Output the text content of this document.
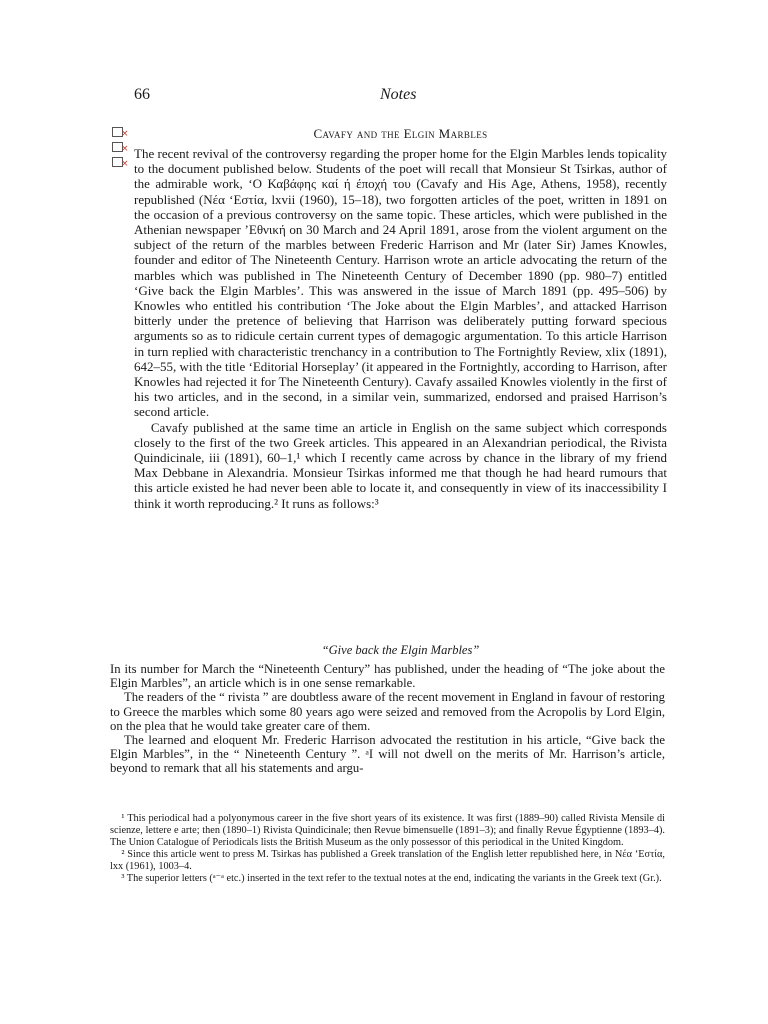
66	Notes
×
×
×
Cavafy and the Elgin Marbles

The recent revival of the controversy regarding the proper home for the Elgin Marbles lends topicality to the document published below. Students of the poet will recall that Monsieur St Tsirkas, author of the admirable work, ‘Ο Καβάφης καί ή έποχή του (Cavafy and His Age, Athens, 1958), recently republished (Νέα ‘Εστία, lxvii (1960), 15–18), two forgotten articles of the poet, written in 1891 on the occasion of a previous controversy on the same topic. These articles, which were published in the Athenian newspaper ’Εθνική on 30 March and 24 April 1891, arose from the violent argument on the subject of the return of the marbles between Frederic Harrison and Mr (later Sir) James Knowles, founder and editor of The Nineteenth Century. Harrison wrote an article advocating the return of the marbles which was published in The Nineteenth Century of December 1890 (pp. 980–7) entitled ‘Give back the Elgin Marbles’. This was answered in the issue of March 1891 (pp. 495–506) by Knowles who entitled his contribution ‘The Joke about the Elgin Marbles’, and attacked Harrison bitterly under the pretence of believing that Harrison was deliberately putting forward specious arguments so as to ridicule certain current types of demagogic argumentation. To this article Harrison in turn replied with characteristic trenchancy in a contribution to The Fortnightly Review, xlix (1891), 642–55, with the title ‘Editorial Horseplay’ (it appeared in the Fortnightly, according to Harrison, after Knowles had rejected it for The Nineteenth Century). Cavafy assailed Knowles violently in the first of his two articles, and in the second, in a similar vein, summarized, endorsed and praised Harrison’s second article.

Cavafy published at the same time an article in English on the same subject which corresponds closely to the first of the two Greek articles. This appeared in an Alexandrian periodical, the Rivista Quindicinale, iii (1891), 60–1,¹ which I recently came across by chance in the library of my friend Max Debbane in Alexandria. Monsieur Tsirkas informed me that though he had heard rumours that this article existed he had never been able to locate it, and consequently in view of its inaccessibility I think it worth reproducing.² It runs as follows:³

“Give back the Elgin Marbles”

In its number for March the “Nineteenth Century” has published, under the heading of “The joke about the Elgin Marbles”, an article which is in one sense remarkable.

The readers of the “ rivista ” are doubtless aware of the recent movement in England in favour of restoring to Greece the marbles which some 80 years ago were seized and removed from the Acropolis by Lord Elgin, on the plea that he would take greater care of them.

The learned and eloquent Mr. Frederic Harrison advocated the restitution in his article, “Give back the Elgin Marbles”, in the “ Nineteenth Century ”. ᵃI will not dwell on the merits of Mr. Harrison’s article, beyond to remark that all his statements and argu-

¹ This periodical had a polyonymous career in the five short years of its existence. It was first (1889–90) called Rivista Mensile di scienze, lettere e arte; then (1890–1) Rivista Quindicinale; then Revue bimensuelle (1891–3); and finally Revue Égyptienne (1893–4). The Union Catalogue of Periodicals lists the British Museum as the only possessor of this periodical in the United Kingdom.

² Since this article went to press M. Tsirkas has published a Greek translation of the English letter republished here, in Νέα ‘Εστία, lxx (1961), 1003–4.

³ The superior letters (ᵃ⁻ᵃ etc.) inserted in the text refer to the textual notes at the end, indicating the variants in the Greek text (Gr.).
